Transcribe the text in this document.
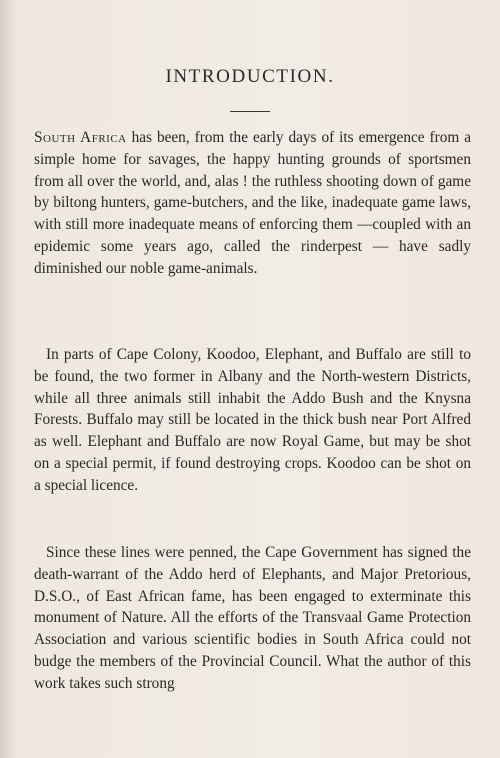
INTRODUCTION.

South Africa has been, from the early days of its emergence from a simple home for savages, the happy hunting grounds of sportsmen from all over the world, and, alas ! the ruthless shooting down of game by biltong hunters, game-butchers, and the like, inadequate game laws, with still more inadequate means of enforcing them —coupled with an epidemic some years ago, called the rinderpest — have sadly diminished our noble game-animals.

In parts of Cape Colony, Koodoo, Elephant, and Buffalo are still to be found, the two former in Albany and the North-western Districts, while all three animals still inhabit the Addo Bush and the Knysna Forests. Buffalo may still be located in the thick bush near Port Alfred as well. Elephant and Buffalo are now Royal Game, but may be shot on a special permit, if found destroying crops. Koodoo can be shot on a special licence.

Since these lines were penned, the Cape Government has signed the death-warrant of the Addo herd of Elephants, and Major Pretorious, D.S.O., of East African fame, has been engaged to exterminate this monument of Nature. All the efforts of the Transvaal Game Protection Association and various scientific bodies in South Africa could not budge the members of the Provincial Council. What the author of this work takes such strong
